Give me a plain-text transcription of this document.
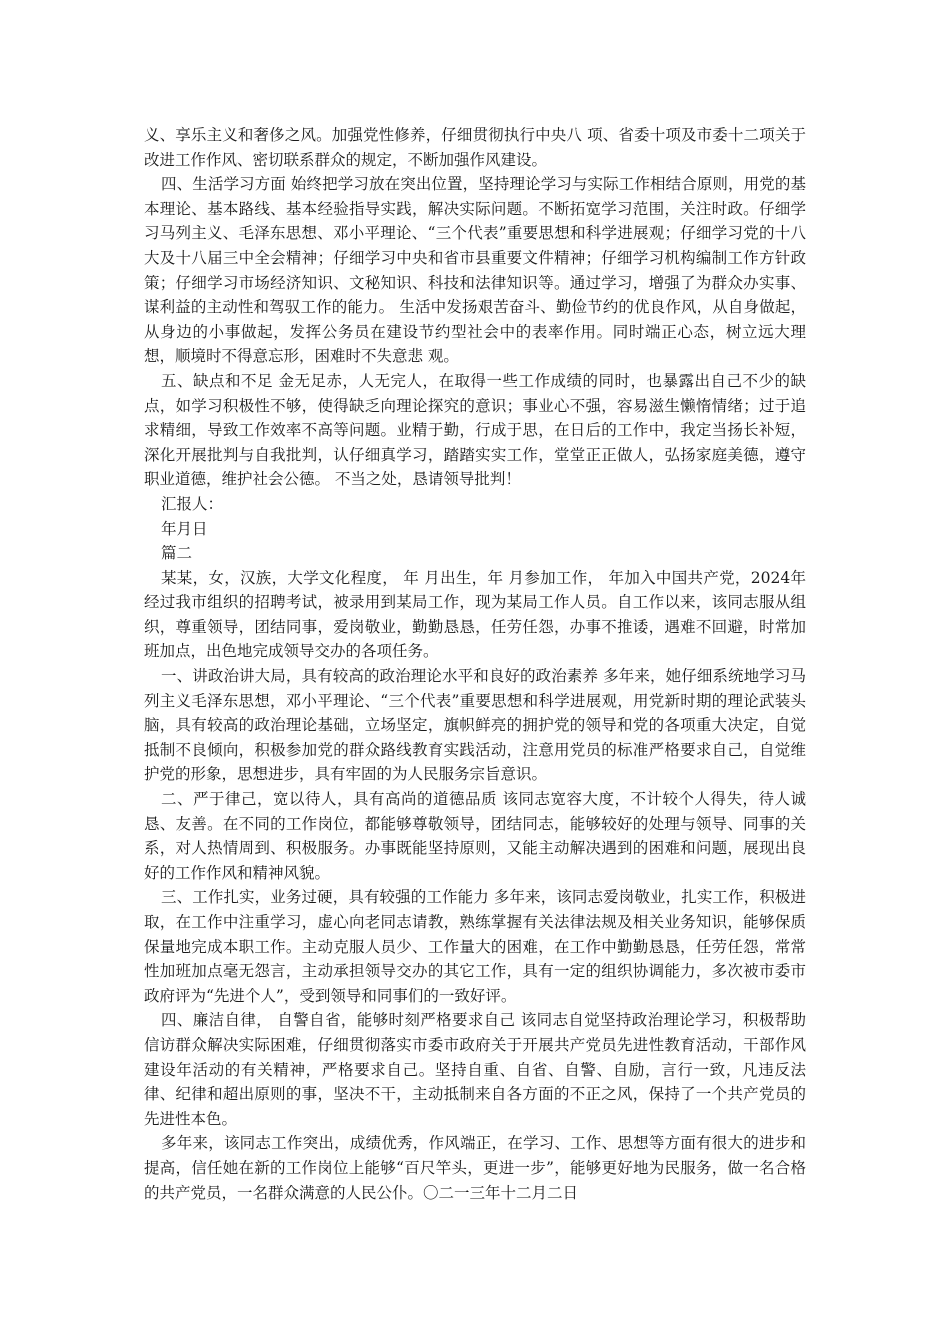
义、享乐主义和奢侈之风。加强党性修养，仔细贯彻执行中央八 项、省委十项及市委十二项关于改进工作作风、密切联系群众的规定，不断加强作风建设。

四、生活学习方面 始终把学习放在突出位置，坚持理论学习与实际工作相结合原则，用党的基本理论、基本路线、基本经验指导实践，解决实际问题。不断拓宽学习范围，关注时政。仔细学习马列主义、毛泽东思想、邓小平理论、“三个代表”重要思想和科学进展观；仔细学习党的十八大及十八届三中全会精神；仔细学习中央和省市县重要文件精神；仔细学习机构编制工作方针政策；仔细学习市场经济知识、文秘知识、科技和法律知识等。通过学习，增强了为群众办实事、谋利益的主动性和驾驭工作的能力。 生活中发扬艰苦奋斗、勤俭节约的优良作风，从自身做起，从身边的小事做起，发挥公务员在建设节约型社会中的表率作用。同时端正心态，树立远大理想，顺境时不得意忘形，困难时不失意悲 观。

五、缺点和不足 金无足赤，人无完人，在取得一些工作成绩的同时，也暴露出自己不少的缺点，如学习积极性不够，使得缺乏向理论探究的意识；事业心不强，容易滋生懒惰情绪；过于追求精细，导致工作效率不高等问题。业精于勤，行成于思，在日后的工作中，我定当扬长补短，深化开展批判与自我批判，认仔细真学习，踏踏实实工作，堂堂正正做人，弘扬家庭美德，遵守职业道德，维护社会公德。 不当之处，恳请领导批判！

汇报人：

年月日

篇二

某某，女，汉族，大学文化程度， 年 月出生，年 月参加工作， 年加入中国共产党，2024年经过我市组织的招聘考试，被录用到某局工作，现为某局工作人员。自工作以来，该同志服从组织，尊重领导，团结同事，爱岗敬业，勤勤恳恳，任劳任怨，办事不推诿，遇难不回避，时常加班加点，出色地完成领导交办的各项任务。

一、讲政治讲大局，具有较高的政治理论水平和良好的政治素养 多年来，她仔细系统地学习马列主义毛泽东思想，邓小平理论、“三个代表”重要思想和科学进展观，用党新时期的理论武装头脑，具有较高的政治理论基础，立场坚定，旗帜鲜亮的拥护党的领导和党的各项重大决定，自觉抵制不良倾向，积极参加党的群众路线教育实践活动，注意用党员的标准严格要求自己，自觉维护党的形象，思想进步，具有牢固的为人民服务宗旨意识。

二、严于律己，宽以待人，具有高尚的道德品质 该同志宽容大度，不计较个人得失，待人诚恳、友善。在不同的工作岗位，都能够尊敬领导，团结同志，能够较好的处理与领导、同事的关系，对人热情周到、积极服务。办事既能坚持原则，又能主动解决遇到的困难和问题，展现出良好的工作作风和精神风貌。

三、工作扎实，业务过硬，具有较强的工作能力 多年来，该同志爱岗敬业，扎实工作，积极进取，在工作中注重学习，虚心向老同志请教，熟练掌握有关法律法规及相关业务知识，能够保质保量地完成本职工作。主动克服人员少、工作量大的困难，在工作中勤勤恳恳，任劳任怨，常常性加班加点毫无怨言，主动承担领导交办的其它工作，具有一定的组织协调能力，多次被市委市政府评为“先进个人”，受到领导和同事们的一致好评。

四、廉洁自律， 自警自省，能够时刻严格要求自己 该同志自觉坚持政治理论学习，积极帮助信访群众解决实际困难，仔细贯彻落实市委市政府关于开展共产党员先进性教育活动，干部作风建设年活动的有关精神，严格要求自己。坚持自重、自省、自警、自励，言行一致，凡违反法律、纪律和超出原则的事，坚决不干，主动抵制来自各方面的不正之风，保持了一个共产党员的先进性本色。

多年来，该同志工作突出，成绩优秀，作风端正，在学习、工作、思想等方面有很大的进步和提高，信任她在新的工作岗位上能够“百尺竿头，更进一步”，能够更好地为民服务，做一名合格的共产党员，一名群众满意的人民公仆。〇二一三年十二月二日
